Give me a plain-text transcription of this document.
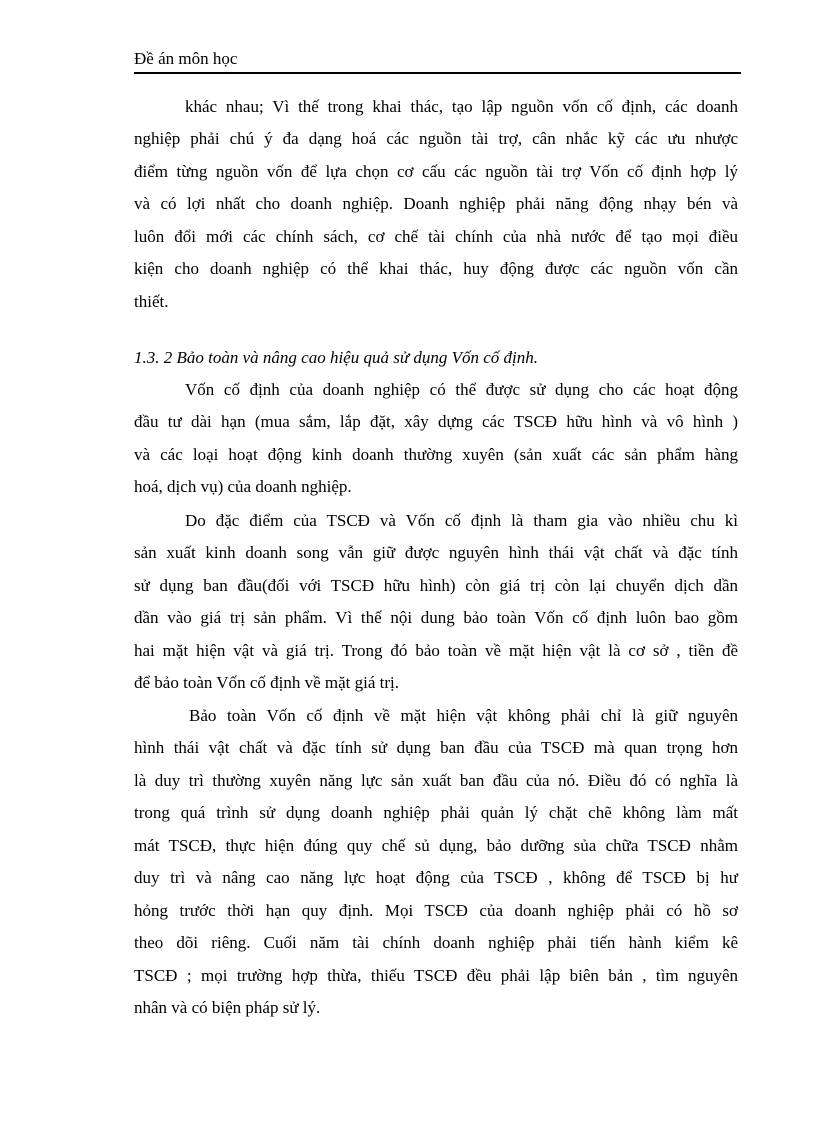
Đề án môn học
khác nhau; Vì thế trong khai thác, tạo lập nguồn vốn cố định, các doanh
nghiệp phải chú ý đa dạng hoá các nguồn tài trợ, cân nhắc kỹ các ưu nhược
điểm từng nguồn vốn để lựa chọn cơ cấu các nguồn tài trợ Vốn cố định hợp lý
và có lợi nhất cho doanh nghiệp. Doanh nghiệp phải năng động nhạy bén và
luôn đổi mới các chính sách, cơ chế tài chính của nhà nước để tạo mọi điều
kiện cho doanh nghiệp có thể khai thác, huy động được các nguồn vốn cần
thiết.
1.3. 2 Bảo toàn và nâng cao hiệu quả sử dụng Vốn cố định.
Vốn cố định của doanh nghiệp có thể được sử dụng cho các hoạt động
đầu tư dài hạn (mua sắm, lắp đặt, xây dựng các TSCĐ hữu hình và vô hình )
và các loại hoạt động kinh doanh thường xuyên (sản xuất các sản phẩm hàng
hoá, dịch vụ) của doanh nghiệp.
Do đặc điểm của TSCĐ và Vốn cố định là tham gia vào nhiều chu kì
sản xuất kinh doanh song vẫn giữ được nguyên hình thái vật chất và đặc tính
sử dụng ban đầu(đối với TSCĐ hữu hình) còn giá trị còn lại chuyển dịch dần
dần vào giá trị sản phẩm. Vì thế nội dung bảo toàn Vốn cố định luôn bao gồm
hai mặt hiện vật và giá trị. Trong đó bảo toàn về mặt hiện vật là cơ sở , tiền đề
để bảo toàn Vốn cố định về mặt giá trị.
Bảo toàn Vốn cố định về mặt hiện vật không phải chỉ là giữ nguyên
hình thái vật chất và đặc tính sử dụng ban đầu của TSCĐ mà quan trọng hơn
là duy trì thường xuyên năng lực sản xuất ban đầu của nó. Điều đó có nghĩa là
trong quá trình sử dụng doanh nghiệp phải quản lý chặt chẽ không làm mất
mát TSCĐ, thực hiện đúng quy chế sủ dụng, bảo dưỡng sủa chữa TSCĐ nhằm
duy trì và nâng cao năng lực hoạt động của TSCĐ , không để TSCĐ bị hư
hỏng trước thời hạn quy định. Mọi TSCĐ của doanh nghiệp phải có hồ sơ
theo dõi riêng. Cuối năm tài chính doanh nghiệp phải tiến hành kiểm kê
TSCĐ ; mọi trường hợp thừa, thiếu TSCĐ đều phải lập biên bản , tìm nguyên
nhân và có biện pháp sử lý.
